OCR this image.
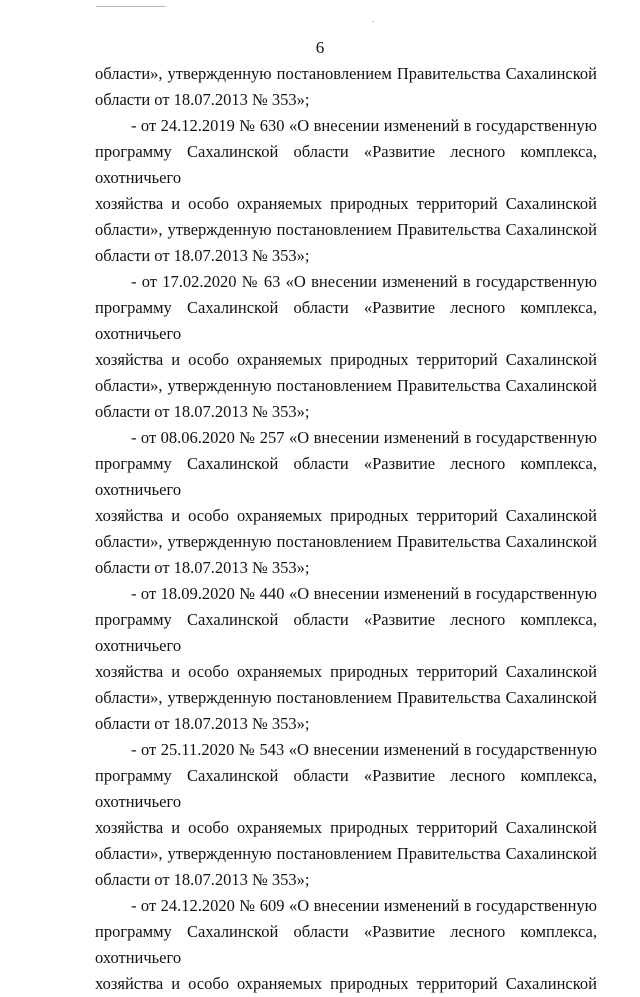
6
области», утвержденную постановлением Правительства Сахалинской
области от 18.07.2013 № 353»;
- от 24.12.2019 № 630 «О внесении изменений в государственную
программу Сахалинской области «Развитие лесного комплекса, охотничьего
хозяйства и особо охраняемых природных территорий Сахалинской
области», утвержденную постановлением Правительства Сахалинской
области от 18.07.2013 № 353»;
- от 17.02.2020 № 63 «О внесении изменений в государственную
программу Сахалинской области «Развитие лесного комплекса, охотничьего
хозяйства и особо охраняемых природных территорий Сахалинской
области», утвержденную постановлением Правительства Сахалинской
области от 18.07.2013 № 353»;
- от 08.06.2020 № 257 «О внесении изменений в государственную
программу Сахалинской области «Развитие лесного комплекса, охотничьего
хозяйства и особо охраняемых природных территорий Сахалинской
области», утвержденную постановлением Правительства Сахалинской
области от 18.07.2013 № 353»;
- от 18.09.2020 № 440 «О внесении изменений в государственную
программу Сахалинской области «Развитие лесного комплекса, охотничьего
хозяйства и особо охраняемых природных территорий Сахалинской
области», утвержденную постановлением Правительства Сахалинской
области от 18.07.2013 № 353»;
- от 25.11.2020 № 543 «О внесении изменений в государственную
программу Сахалинской области «Развитие лесного комплекса, охотничьего
хозяйства и особо охраняемых природных территорий Сахалинской
области», утвержденную постановлением Правительства Сахалинской
области от 18.07.2013 № 353»;
- от 24.12.2020 № 609 «О внесении изменений в государственную
программу Сахалинской области «Развитие лесного комплекса, охотничьего
хозяйства и особо охраняемых природных территорий Сахалинской
